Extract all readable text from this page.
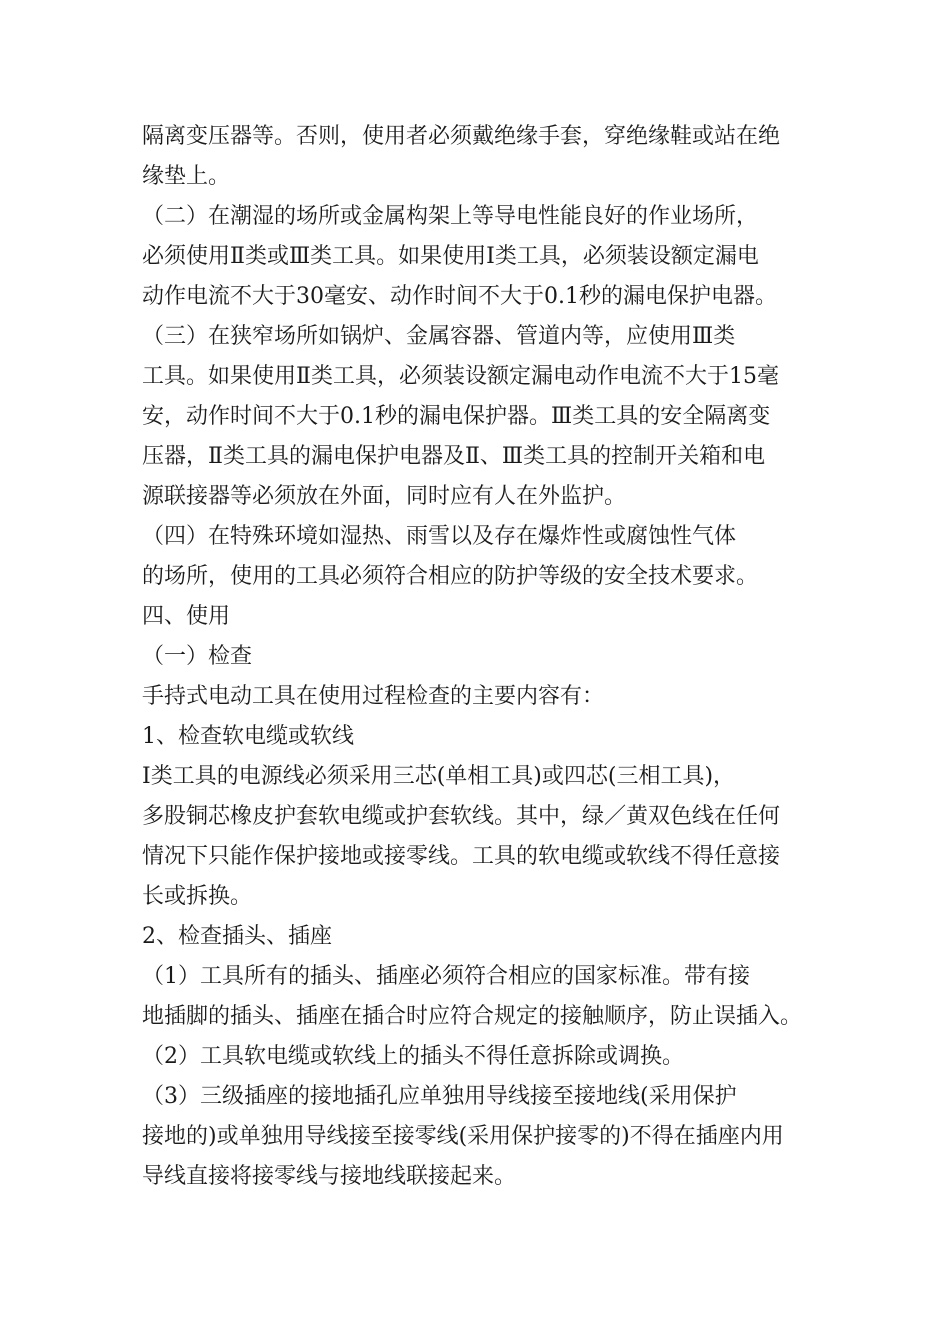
隔离变压器等。否则，使用者必须戴绝缘手套，穿绝缘鞋或站在绝
缘垫上。

（二）在潮湿的场所或金属构架上等导电性能良好的作业场所，
必须使用Ⅱ类或Ⅲ类工具。如果使用Ⅰ类工具，必须装设额定漏电
动作电流不大于30毫安、动作时间不大于0.1秒的漏电保护电器。

（三）在狭窄场所如锅炉、金属容器、管道内等，应使用Ⅲ类
工具。如果使用Ⅱ类工具，必须装设额定漏电动作电流不大于15毫
安，动作时间不大于0.1秒的漏电保护器。Ⅲ类工具的安全隔离变
压器，Ⅱ类工具的漏电保护电器及Ⅱ、Ⅲ类工具的控制开关箱和电
源联接器等必须放在外面，同时应有人在外监护。

（四）在特殊环境如湿热、雨雪以及存在爆炸性或腐蚀性气体
的场所，使用的工具必须符合相应的防护等级的安全技术要求。

四、使用

（一）检查

手持式电动工具在使用过程检查的主要内容有：

1、检查软电缆或软线

Ⅰ类工具的电源线必须采用三芯(单相工具)或四芯(三相工具)，
多股铜芯橡皮护套软电缆或护套软线。其中，绿／黄双色线在任何
情况下只能作保护接地或接零线。工具的软电缆或软线不得任意接
长或拆换。

2、检查插头、插座

（1）工具所有的插头、插座必须符合相应的国家标准。带有接
地插脚的插头、插座在插合时应符合规定的接触顺序，防止误插入。

（2）工具软电缆或软线上的插头不得任意拆除或调换。

（3）三级插座的接地插孔应单独用导线接至接地线(采用保护
接地的)或单独用导线接至接零线(采用保护接零的)不得在插座内用
导线直接将接零线与接地线联接起来。
